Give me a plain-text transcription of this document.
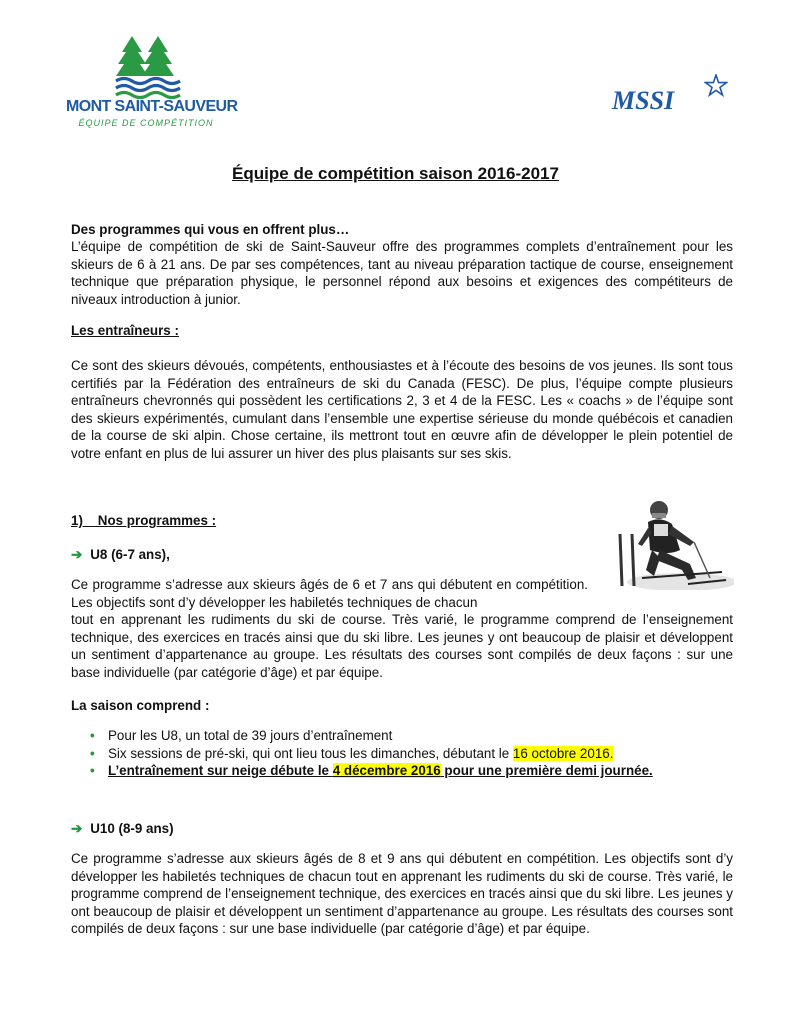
MONT SAINT-SAUVEUR
ÉQUIPE DE COMPÉTITION
MSSI
Équipe de compétition saison 2016-2017
Des programmes qui vous en offrent plus…
L’équipe de compétition de ski de Saint-Sauveur offre des programmes complets d’entraînement pour les skieurs de 6 à 21 ans. De par ses compétences, tant au niveau préparation tactique de course, enseignement technique que préparation physique, le personnel répond aux besoins et exigences des compétiteurs de niveaux introduction à junior.
Les entraîneurs :
Ce sont des skieurs dévoués, compétents, enthousiastes et à l’écoute des besoins de vos jeunes. Ils sont tous certifiés par la Fédération des entraîneurs de ski du Canada (FESC). De plus, l’équipe compte plusieurs entraîneurs chevronnés qui possèdent les certifications 2, 3 et 4 de la FESC. Les « coachs » de l’équipe sont des skieurs expérimentés, cumulant dans l’ensemble une expertise sérieuse du monde québécois et canadien de la course de ski alpin. Chose certaine, ils mettront tout en œuvre afin de développer le plein potentiel de votre enfant en plus de lui assurer un hiver des plus plaisants sur ses skis.
1)    Nos programmes :
➔ U8 (6-7 ans),
Ce programme s’adresse aux skieurs âgés de 6 et 7 ans qui débutent en compétition. Les objectifs sont d’y développer les habiletés techniques de chacun
tout en apprenant les rudiments du ski de course. Très varié, le programme comprend de l’enseignement technique, des exercices en tracés ainsi que du ski libre. Les jeunes y ont beaucoup de plaisir et développent un sentiment d’appartenance au groupe. Les résultats des courses sont compilés de deux façons : sur une base individuelle (par catégorie d’âge) et par équipe.
La saison comprend :
• Pour les U8, un total de 39 jours d’entraînement
• Six sessions de pré-ski, qui ont lieu tous les dimanches, débutant le 16 octobre 2016.
• L’entraînement sur neige débute le 4 décembre 2016 pour une première demi journée.
➔ U10 (8-9 ans)
Ce programme s’adresse aux skieurs âgés de 8 et 9 ans qui débutent en compétition. Les objectifs sont d’y développer les habiletés techniques de chacun tout en apprenant les rudiments du ski de course. Très varié, le programme comprend de l’enseignement technique, des exercices en tracés ainsi que du ski libre. Les jeunes y ont beaucoup de plaisir et développent un sentiment d’appartenance au groupe. Les résultats des courses sont compilés de deux façons : sur une base individuelle (par catégorie d’âge) et par équipe.
